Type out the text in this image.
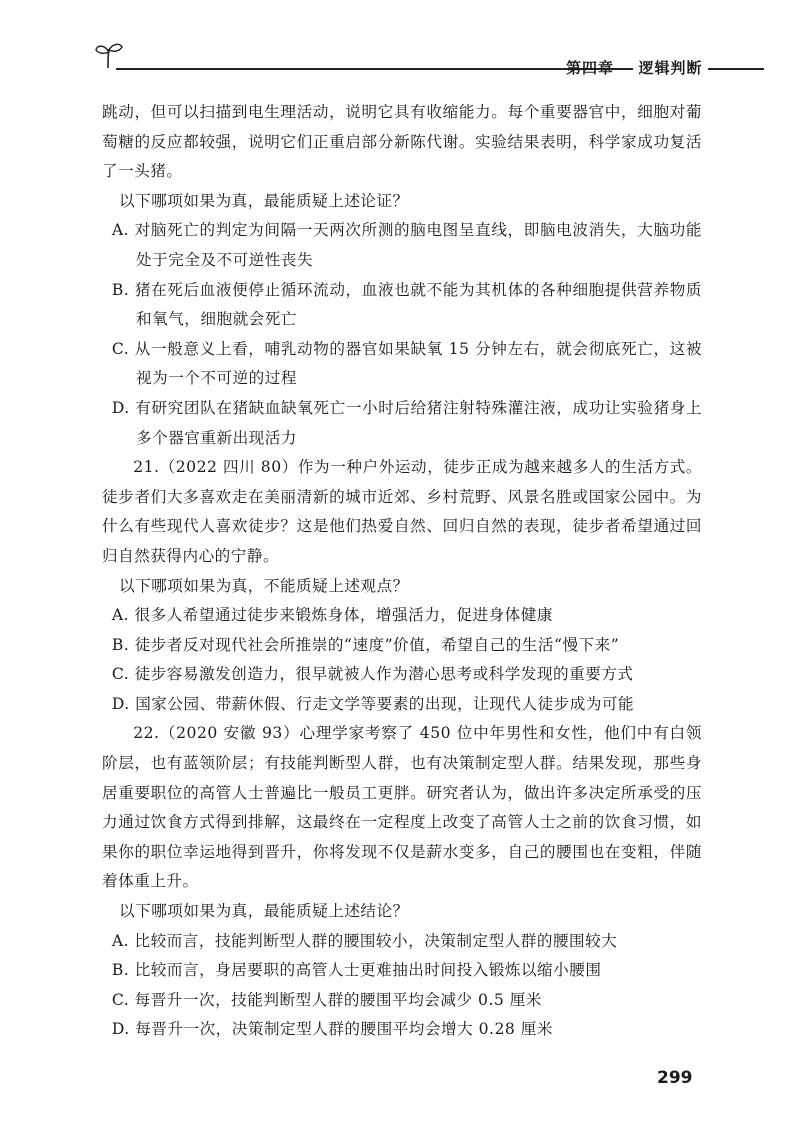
第四章 逻辑判断

跳动，但可以扫描到电生理活动，说明它具有收缩能力。每个重要器官中，细胞对葡萄糖的反应都较强，说明它们正重启部分新陈代谢。实验结果表明，科学家成功复活了一头猪。

以下哪项如果为真，最能质疑上述论证？

A. 对脑死亡的判定为间隔一天两次所测的脑电图呈直线，即脑电波消失，大脑功能处于完全及不可逆性丧失

B. 猪在死后血液便停止循环流动，血液也就不能为其机体的各种细胞提供营养物质和氧气，细胞就会死亡

C. 从一般意义上看，哺乳动物的器官如果缺氧 15 分钟左右，就会彻底死亡，这被视为一个不可逆的过程

D. 有研究团队在猪缺血缺氧死亡一小时后给猪注射特殊灌注液，成功让实验猪身上多个器官重新出现活力

21.（2022 四川 80）作为一种户外运动，徒步正成为越来越多人的生活方式。徒步者们大多喜欢走在美丽清新的城市近郊、乡村荒野、风景名胜或国家公园中。为什么有些现代人喜欢徒步？这是他们热爱自然、回归自然的表现，徒步者希望通过回归自然获得内心的宁静。

以下哪项如果为真，不能质疑上述观点？

A. 很多人希望通过徒步来锻炼身体，增强活力，促进身体健康

B. 徒步者反对现代社会所推崇的“速度”价值，希望自己的生活“慢下来”

C. 徒步容易激发创造力，很早就被人作为潜心思考或科学发现的重要方式

D. 国家公园、带薪休假、行走文学等要素的出现，让现代人徒步成为可能

22.（2020 安徽 93）心理学家考察了 450 位中年男性和女性，他们中有白领阶层，也有蓝领阶层；有技能判断型人群，也有决策制定型人群。结果发现，那些身居重要职位的高管人士普遍比一般员工更胖。研究者认为，做出许多决定所承受的压力通过饮食方式得到排解，这最终在一定程度上改变了高管人士之前的饮食习惯，如果你的职位幸运地得到晋升，你将发现不仅是薪水变多，自己的腰围也在变粗，伴随着体重上升。

以下哪项如果为真，最能质疑上述结论？

A. 比较而言，技能判断型人群的腰围较小，决策制定型人群的腰围较大

B. 比较而言，身居要职的高管人士更难抽出时间投入锻炼以缩小腰围

C. 每晋升一次，技能判断型人群的腰围平均会减少 0.5 厘米

D. 每晋升一次，决策制定型人群的腰围平均会增大 0.28 厘米

299
